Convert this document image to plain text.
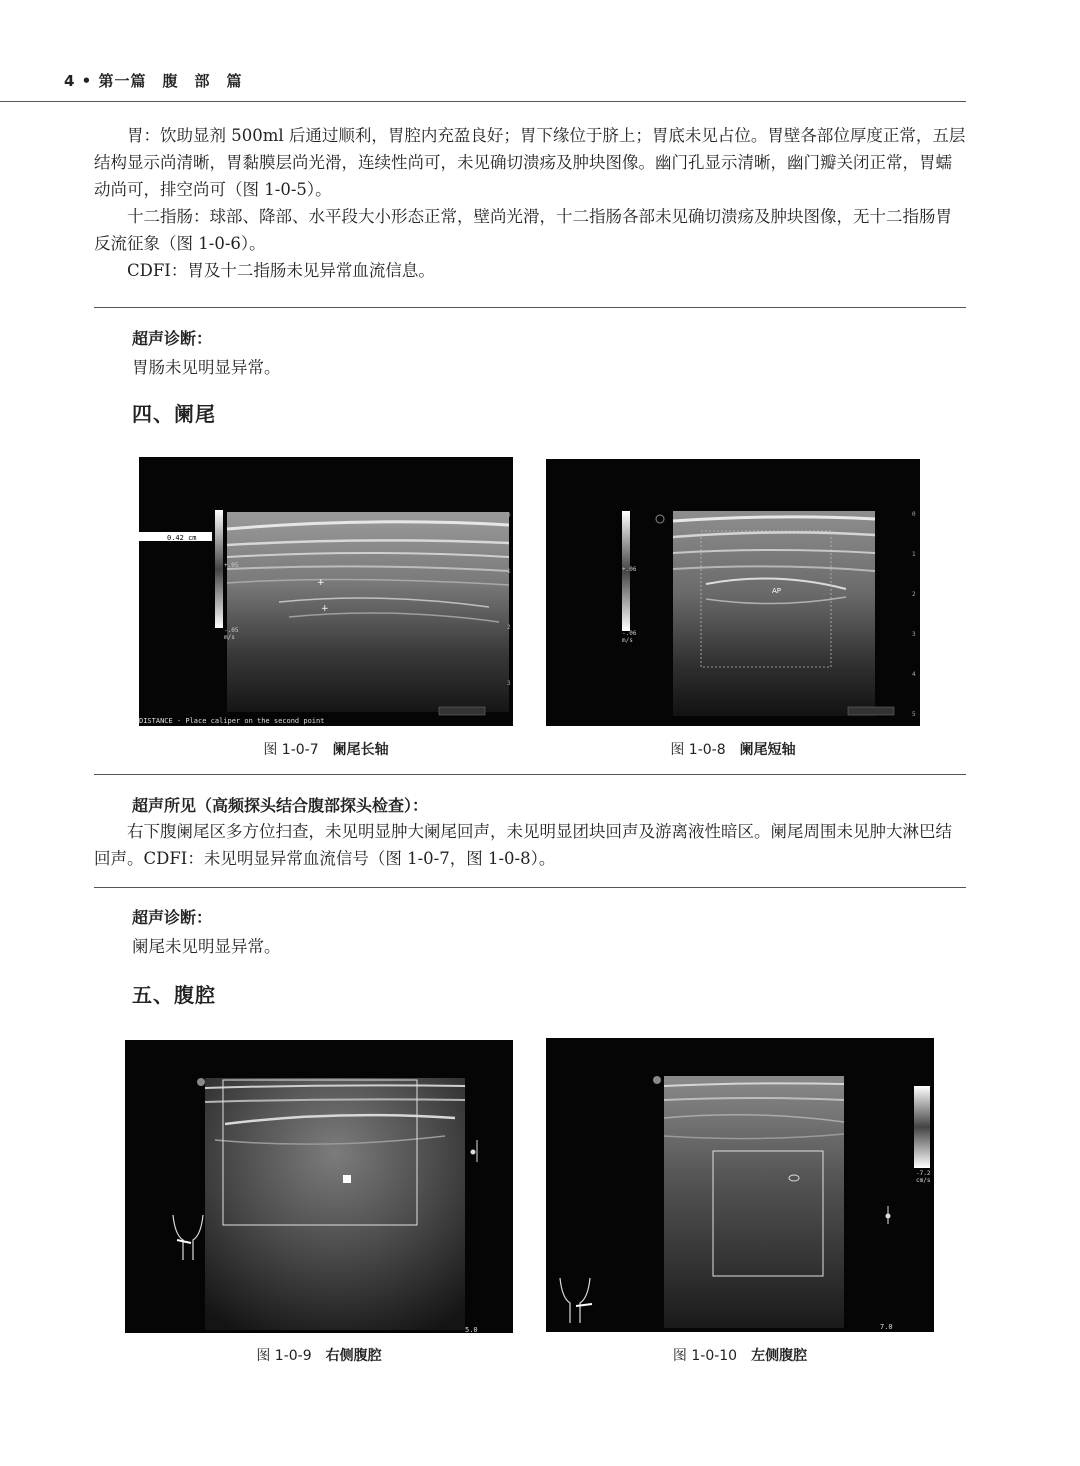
4 • 第一篇　腹　部　篇

胃：饮助显剂 500ml 后通过顺利，胃腔内充盈良好；胃下缘位于脐上；胃底未见占位。胃壁各部位厚度正常，五层结构显示尚清晰，胃黏膜层尚光滑，连续性尚可，未见确切溃疡及肿块图像。幽门孔显示清晰，幽门瓣关闭正常，胃蠕动尚可，排空尚可（图 1-0-5）。

十二指肠：球部、降部、水平段大小形态正常，壁尚光滑，十二指肠各部未见确切溃疡及肿块图像，无十二指肠胃反流征象（图 1-0-6）。

CDFI：胃及十二指肠未见异常血流信息。

超声诊断：
胃肠未见明显异常。
四、阑尾
0.42 cm
+.05
-.05
m/s
+
+
0
1
2
3
DISTANCE - Place caliper on the second point
图 1-0-7 阑尾长轴
+.06
-.06
m/s
AP
0
1
2
3
4
5
图 1-0-8 阑尾短轴
超声所见（高频探头结合腹部探头检查）：

右下腹阑尾区多方位扫查，未见明显肿大阑尾回声，未见明显团块回声及游离液性暗区。阑尾周围未见肿大淋巴结回声。CDFI：未见明显异常血流信号（图 1-0-7，图 1-0-8）。

超声诊断：
阑尾未见明显异常。
五、腹腔
5.0
图 1-0-9 右侧腹腔
-7.2
cm/s
7.0
图 1-0-10 左侧腹腔
